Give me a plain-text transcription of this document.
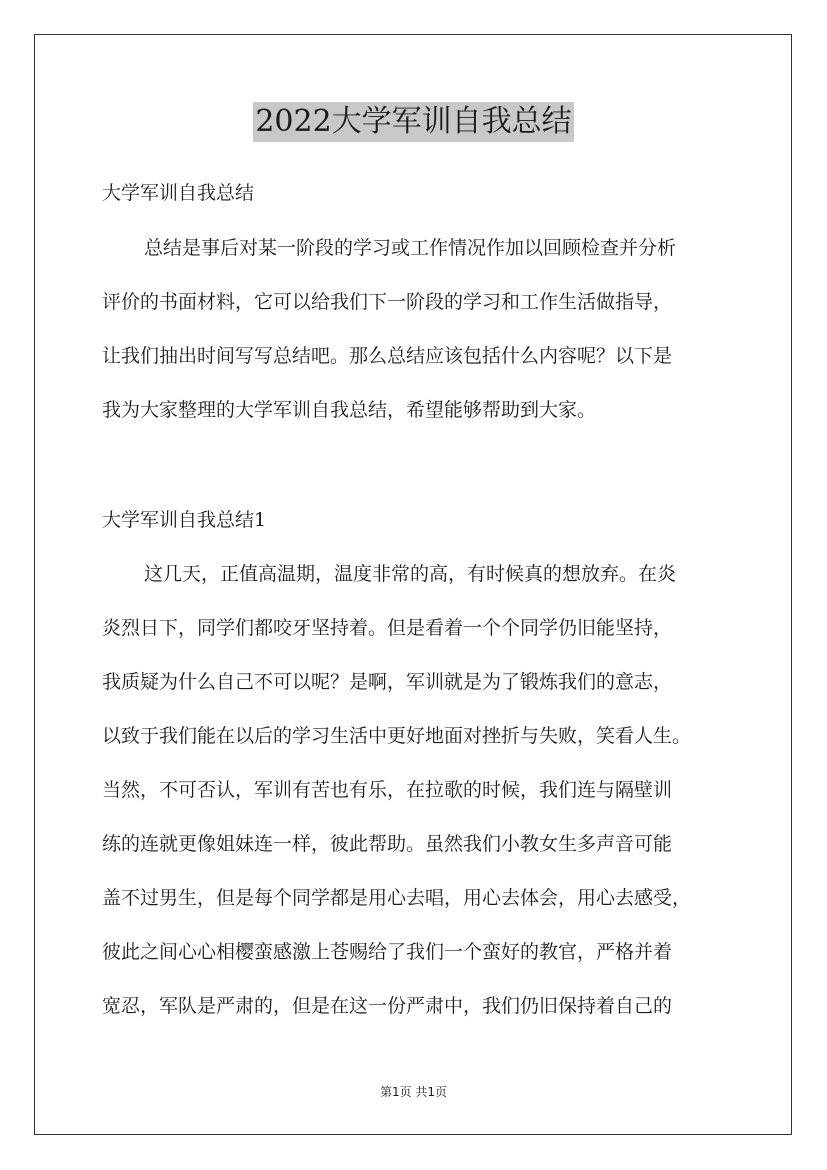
2022大学军训自我总结
大学军训自我总结
总结是事后对某一阶段的学习或工作情况作加以回顾检查并分析
评价的书面材料，它可以给我们下一阶段的学习和工作生活做指导，
让我们抽出时间写写总结吧。那么总结应该包括什么内容呢？以下是
我为大家整理的大学军训自我总结，希望能够帮助到大家。
大学军训自我总结1
这几天，正值高温期，温度非常的高，有时候真的想放弃。在炎
炎烈日下，同学们都咬牙坚持着。但是看着一个个同学仍旧能坚持，
我质疑为什么自己不可以呢？是啊，军训就是为了锻炼我们的意志，
以致于我们能在以后的学习生活中更好地面对挫折与失败，笑看人生。
当然，不可否认，军训有苦也有乐，在拉歌的时候，我们连与隔壁训
练的连就更像姐妹连一样，彼此帮助。虽然我们小教女生多声音可能
盖不过男生，但是每个同学都是用心去唱，用心去体会，用心去感受，
彼此之间心心相樱蛮感激上苍赐给了我们一个蛮好的教官，严格并着
宽忍，军队是严肃的，但是在这一份严肃中，我们仍旧保持着自己的
第1页 共1页
